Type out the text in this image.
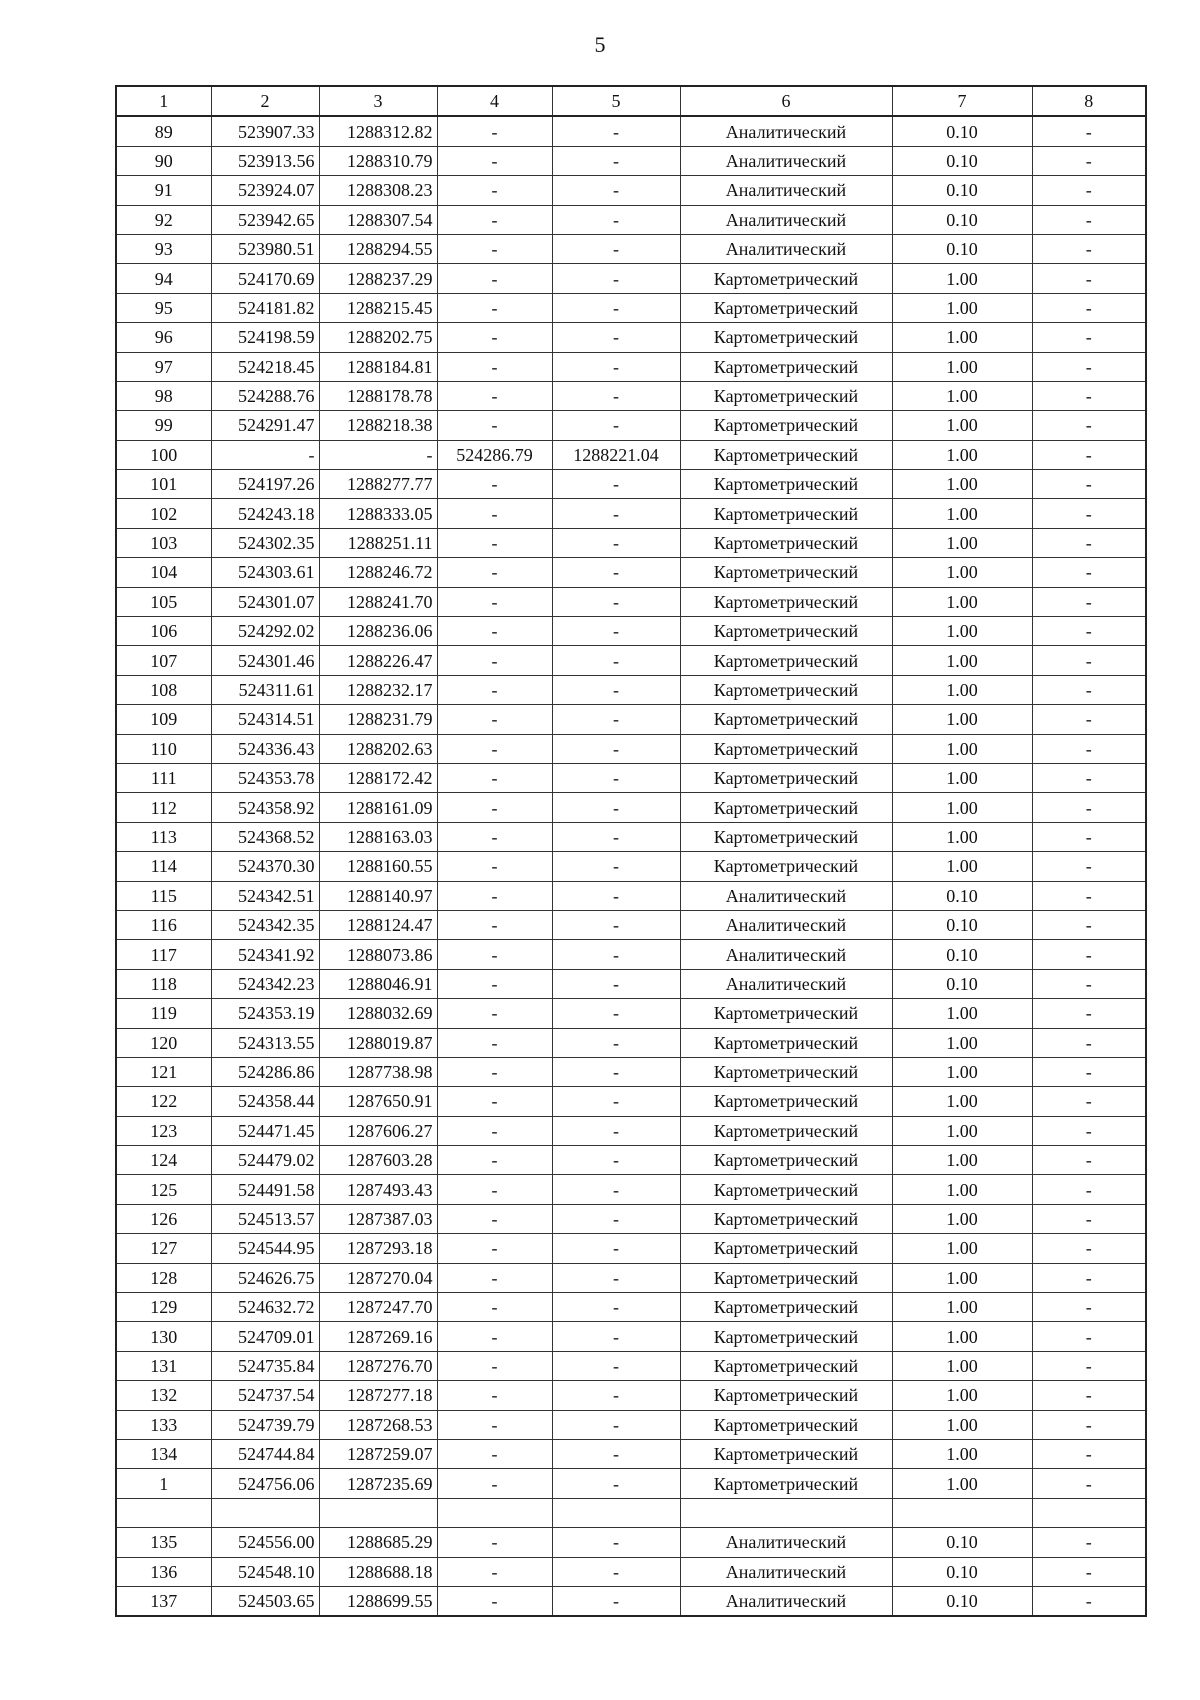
5
1	2	3	4	5	6	7	8
89	523907.33	1288312.82	-	-	Аналитический	0.10	-
90	523913.56	1288310.79	-	-	Аналитический	0.10	-
91	523924.07	1288308.23	-	-	Аналитический	0.10	-
92	523942.65	1288307.54	-	-	Аналитический	0.10	-
93	523980.51	1288294.55	-	-	Аналитический	0.10	-
94	524170.69	1288237.29	-	-	Картометрический	1.00	-
95	524181.82	1288215.45	-	-	Картометрический	1.00	-
96	524198.59	1288202.75	-	-	Картометрический	1.00	-
97	524218.45	1288184.81	-	-	Картометрический	1.00	-
98	524288.76	1288178.78	-	-	Картометрический	1.00	-
99	524291.47	1288218.38	-	-	Картометрический	1.00	-
100	-	-	524286.79	1288221.04	Картометрический	1.00	-
101	524197.26	1288277.77	-	-	Картометрический	1.00	-
102	524243.18	1288333.05	-	-	Картометрический	1.00	-
103	524302.35	1288251.11	-	-	Картометрический	1.00	-
104	524303.61	1288246.72	-	-	Картометрический	1.00	-
105	524301.07	1288241.70	-	-	Картометрический	1.00	-
106	524292.02	1288236.06	-	-	Картометрический	1.00	-
107	524301.46	1288226.47	-	-	Картометрический	1.00	-
108	524311.61	1288232.17	-	-	Картометрический	1.00	-
109	524314.51	1288231.79	-	-	Картометрический	1.00	-
110	524336.43	1288202.63	-	-	Картометрический	1.00	-
111	524353.78	1288172.42	-	-	Картометрический	1.00	-
112	524358.92	1288161.09	-	-	Картометрический	1.00	-
113	524368.52	1288163.03	-	-	Картометрический	1.00	-
114	524370.30	1288160.55	-	-	Картометрический	1.00	-
115	524342.51	1288140.97	-	-	Аналитический	0.10	-
116	524342.35	1288124.47	-	-	Аналитический	0.10	-
117	524341.92	1288073.86	-	-	Аналитический	0.10	-
118	524342.23	1288046.91	-	-	Аналитический	0.10	-
119	524353.19	1288032.69	-	-	Картометрический	1.00	-
120	524313.55	1288019.87	-	-	Картометрический	1.00	-
121	524286.86	1287738.98	-	-	Картометрический	1.00	-
122	524358.44	1287650.91	-	-	Картометрический	1.00	-
123	524471.45	1287606.27	-	-	Картометрический	1.00	-
124	524479.02	1287603.28	-	-	Картометрический	1.00	-
125	524491.58	1287493.43	-	-	Картометрический	1.00	-
126	524513.57	1287387.03	-	-	Картометрический	1.00	-
127	524544.95	1287293.18	-	-	Картометрический	1.00	-
128	524626.75	1287270.04	-	-	Картометрический	1.00	-
129	524632.72	1287247.70	-	-	Картометрический	1.00	-
130	524709.01	1287269.16	-	-	Картометрический	1.00	-
131	524735.84	1287276.70	-	-	Картометрический	1.00	-
132	524737.54	1287277.18	-	-	Картометрический	1.00	-
133	524739.79	1287268.53	-	-	Картометрический	1.00	-
134	524744.84	1287259.07	-	-	Картометрический	1.00	-
1	524756.06	1287235.69	-	-	Картометрический	1.00	-

135	524556.00	1288685.29	-	-	Аналитический	0.10	-
136	524548.10	1288688.18	-	-	Аналитический	0.10	-
137	524503.65	1288699.55	-	-	Аналитический	0.10	-
